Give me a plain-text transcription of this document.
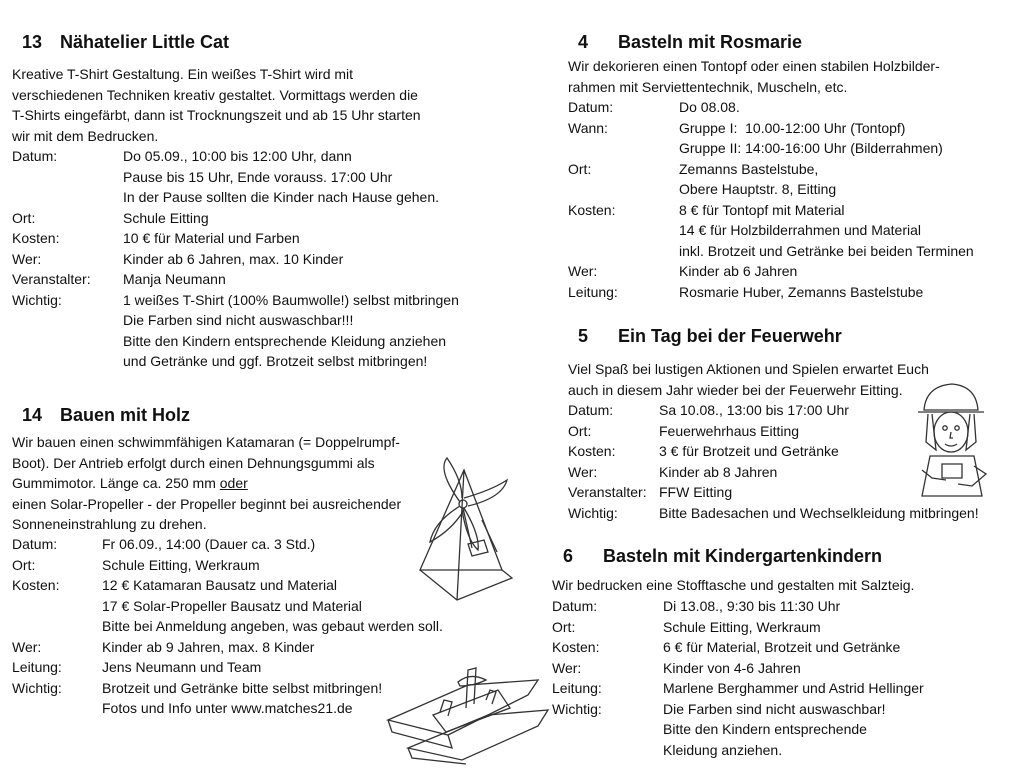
13 Nähatelier Little Cat
Kreative T-Shirt Gestaltung. Ein weißes T-Shirt wird mit
verschiedenen Techniken kreativ gestaltet. Vormittags werden die
T-Shirts eingefärbt, dann ist Trocknungszeit und ab 15 Uhr starten
wir mit dem Bedrucken.
Datum:	Do 05.09., 10:00 bis 12:00 Uhr, dann
Pause bis 15 Uhr, Ende vorauss. 17:00 Uhr
In der Pause sollten die Kinder nach Hause gehen.
Ort:	Schule Eitting
Kosten:	10 € für Material und Farben
Wer:	Kinder ab 6 Jahren, max. 10 Kinder
Veranstalter:	Manja Neumann
Wichtig:	1 weißes T-Shirt (100% Baumwolle!) selbst mitbringen
Die Farben sind nicht auswaschbar!!!
Bitte den Kindern entsprechende Kleidung anziehen
und Getränke und ggf. Brotzeit selbst mitbringen!
14 Bauen mit Holz
Wir bauen einen schwimmfähigen Katamaran (= Doppelrumpf-
Boot). Der Antrieb erfolgt durch einen Dehnungsgummi als
Gummimotor. Länge ca. 250 mm oder
einen Solar-Propeller - der Propeller beginnt bei ausreichender
Sonneneinstrahlung zu drehen.
Datum:	Fr 06.09., 14:00 (Dauer ca. 3 Std.)
Ort:	Schule Eitting, Werkraum
Kosten:	12 € Katamaran Bausatz und Material
17 € Solar-Propeller Bausatz und Material
Bitte bei Anmeldung angeben, was gebaut werden soll.
Wer:	Kinder ab 9 Jahren, max. 8 Kinder
Leitung:	Jens Neumann und Team
Wichtig:	Brotzeit und Getränke bitte selbst mitbringen!
Fotos und Info unter www.matches21.de
4 Basteln mit Rosmarie
Wir dekorieren einen Tontopf oder einen stabilen Holzbilder-
rahmen mit Serviettentechnik, Muscheln, etc.
Datum:	Do 08.08.
Wann:	Gruppe I:  10.00-12:00 Uhr (Tontopf)
Gruppe II: 14:00-16:00 Uhr (Bilderrahmen)
Ort:	Zemanns Bastelstube,
Obere Hauptstr. 8, Eitting
Kosten:	8 € für Tontopf mit Material
14 € für Holzbilderrahmen und Material
inkl. Brotzeit und Getränke bei beiden Terminen
Wer:	Kinder ab 6 Jahren
Leitung:	Rosmarie Huber, Zemanns Bastelstube
5 Ein Tag bei der Feuerwehr
Viel Spaß bei lustigen Aktionen und Spielen erwartet Euch
auch in diesem Jahr wieder bei der Feuerwehr Eitting.
Datum:	Sa 10.08., 13:00 bis 17:00 Uhr
Ort:	Feuerwehrhaus Eitting
Kosten:	3 € für Brotzeit und Getränke
Wer:	Kinder ab 8 Jahren
Veranstalter: FFW Eitting
Wichtig:	Bitte Badesachen und Wechselkleidung mitbringen!
6 Basteln mit Kindergartenkindern
Wir bedrucken eine Stofftasche und gestalten mit Salzteig.
Datum:	Di 13.08., 9:30 bis 11:30 Uhr
Ort:	Schule Eitting, Werkraum
Kosten:	6 € für Material, Brotzeit und Getränke
Wer:	Kinder von 4-6 Jahren
Leitung:	Marlene Berghammer und Astrid Hellinger
Wichtig:	Die Farben sind nicht auswaschbar!
Bitte den Kindern entsprechende
Kleidung anziehen.
